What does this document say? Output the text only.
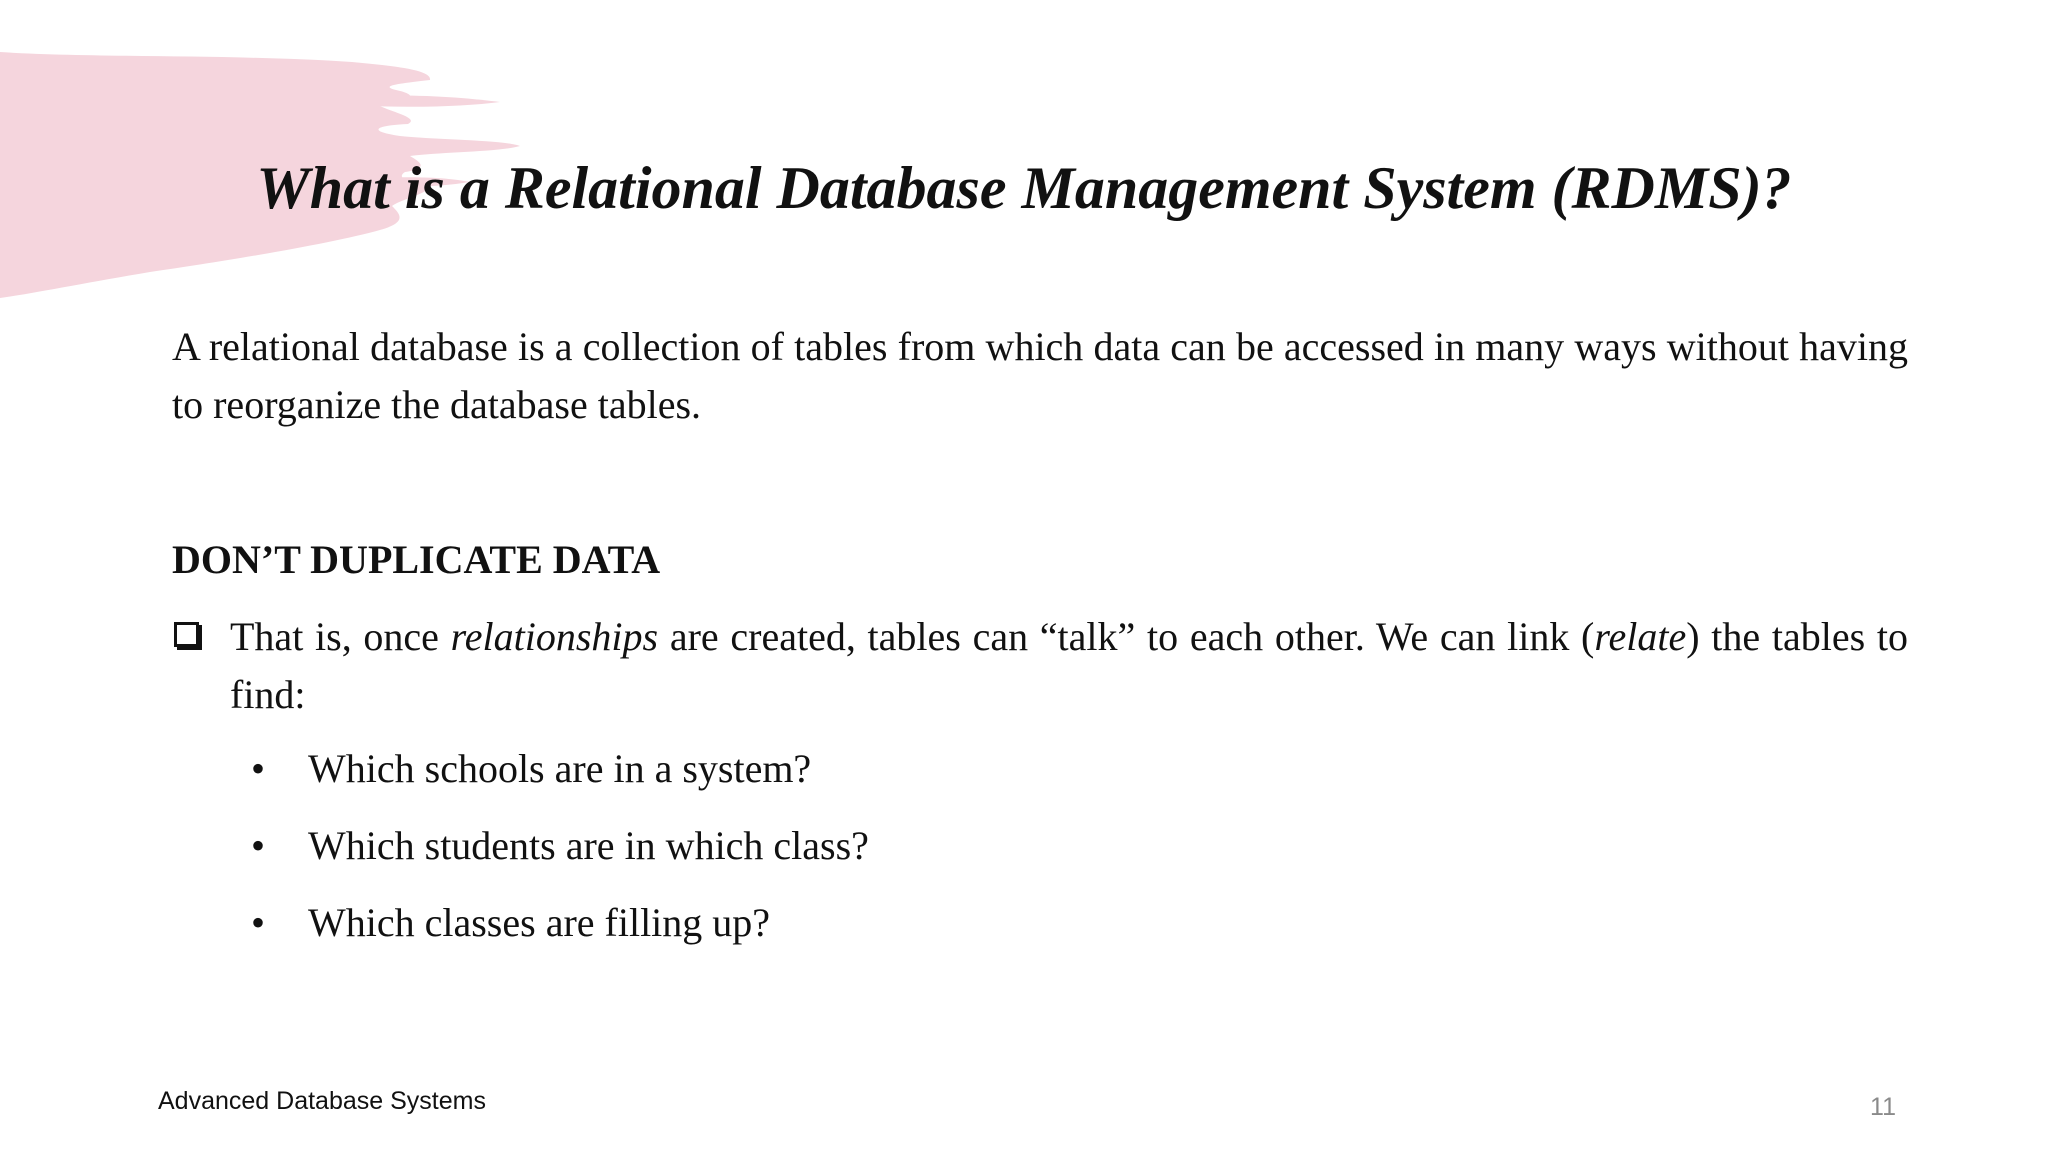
What is a Relational Database Management System (RDMS)?

A relational database is a collection of tables from which data can be accessed in many ways without having to reorganize the database tables.

DON’T DUPLICATE DATA

That is, once relationships are created, tables can “talk” to each other. We can link (relate) the tables to find:
• Which schools are in a system?
• Which students are in which class?
• Which classes are filling up?
Advanced Database Systems	11
